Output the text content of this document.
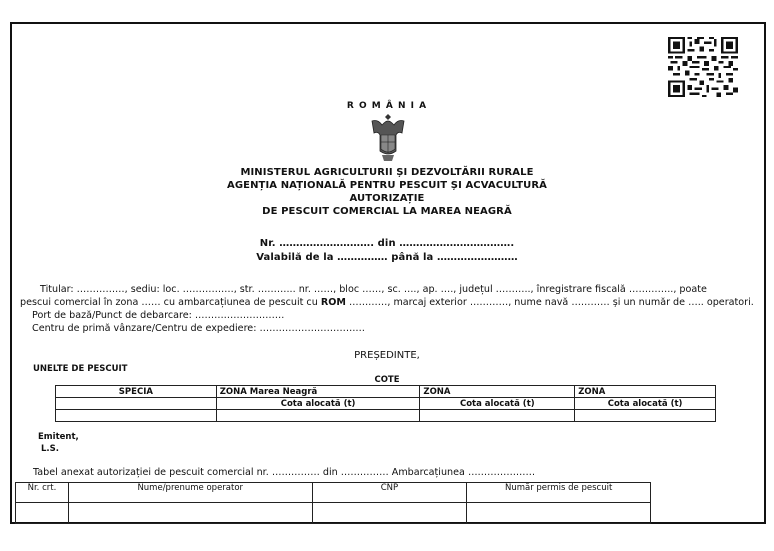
R O M Â N I A
MINISTERUL AGRICULTURII ȘI DEZVOLTĂRII RURALE
AGENȚIA NAȚIONALĂ PENTRU PESCUIT ȘI ACVACULTURĂ
AUTORIZAȚIE
DE PESCUIT COMERCIAL LA MAREA NEAGRĂ
Nr. ………………………. din …………………………….
Valabilă de la …………… până la ……………………
Titular: ……………, sediu: loc. ……………., str. ………... nr. ……, bloc ……, sc. …., ap. …., județul ……….., înregistrare fiscală ………….., poate
pescui comercial în zona …… cu ambarcațiunea de pescuit cu ROM …………, marcaj exterior …………, nume navă ………… și un număr de ….. operatori.
Port de bază/Punct de debarcare: ……………………….
Centru de primă vânzare/Centru de expediere: ……………………………
PREȘEDINTE,
UNELTE DE PESCUIT
COTE
SPECIA	ZONA Marea Neagră	ZONA	ZONA
	Cota alocată (t)	Cota alocată (t)	Cota alocată (t)

Emitent,
L.S.
Tabel anexat autorizației de pescuit comercial nr. …………… din …………… Ambarcațiunea …………………
Nr. crt.	Nume/prenume operator	CNP	Număr permis de pescuit
